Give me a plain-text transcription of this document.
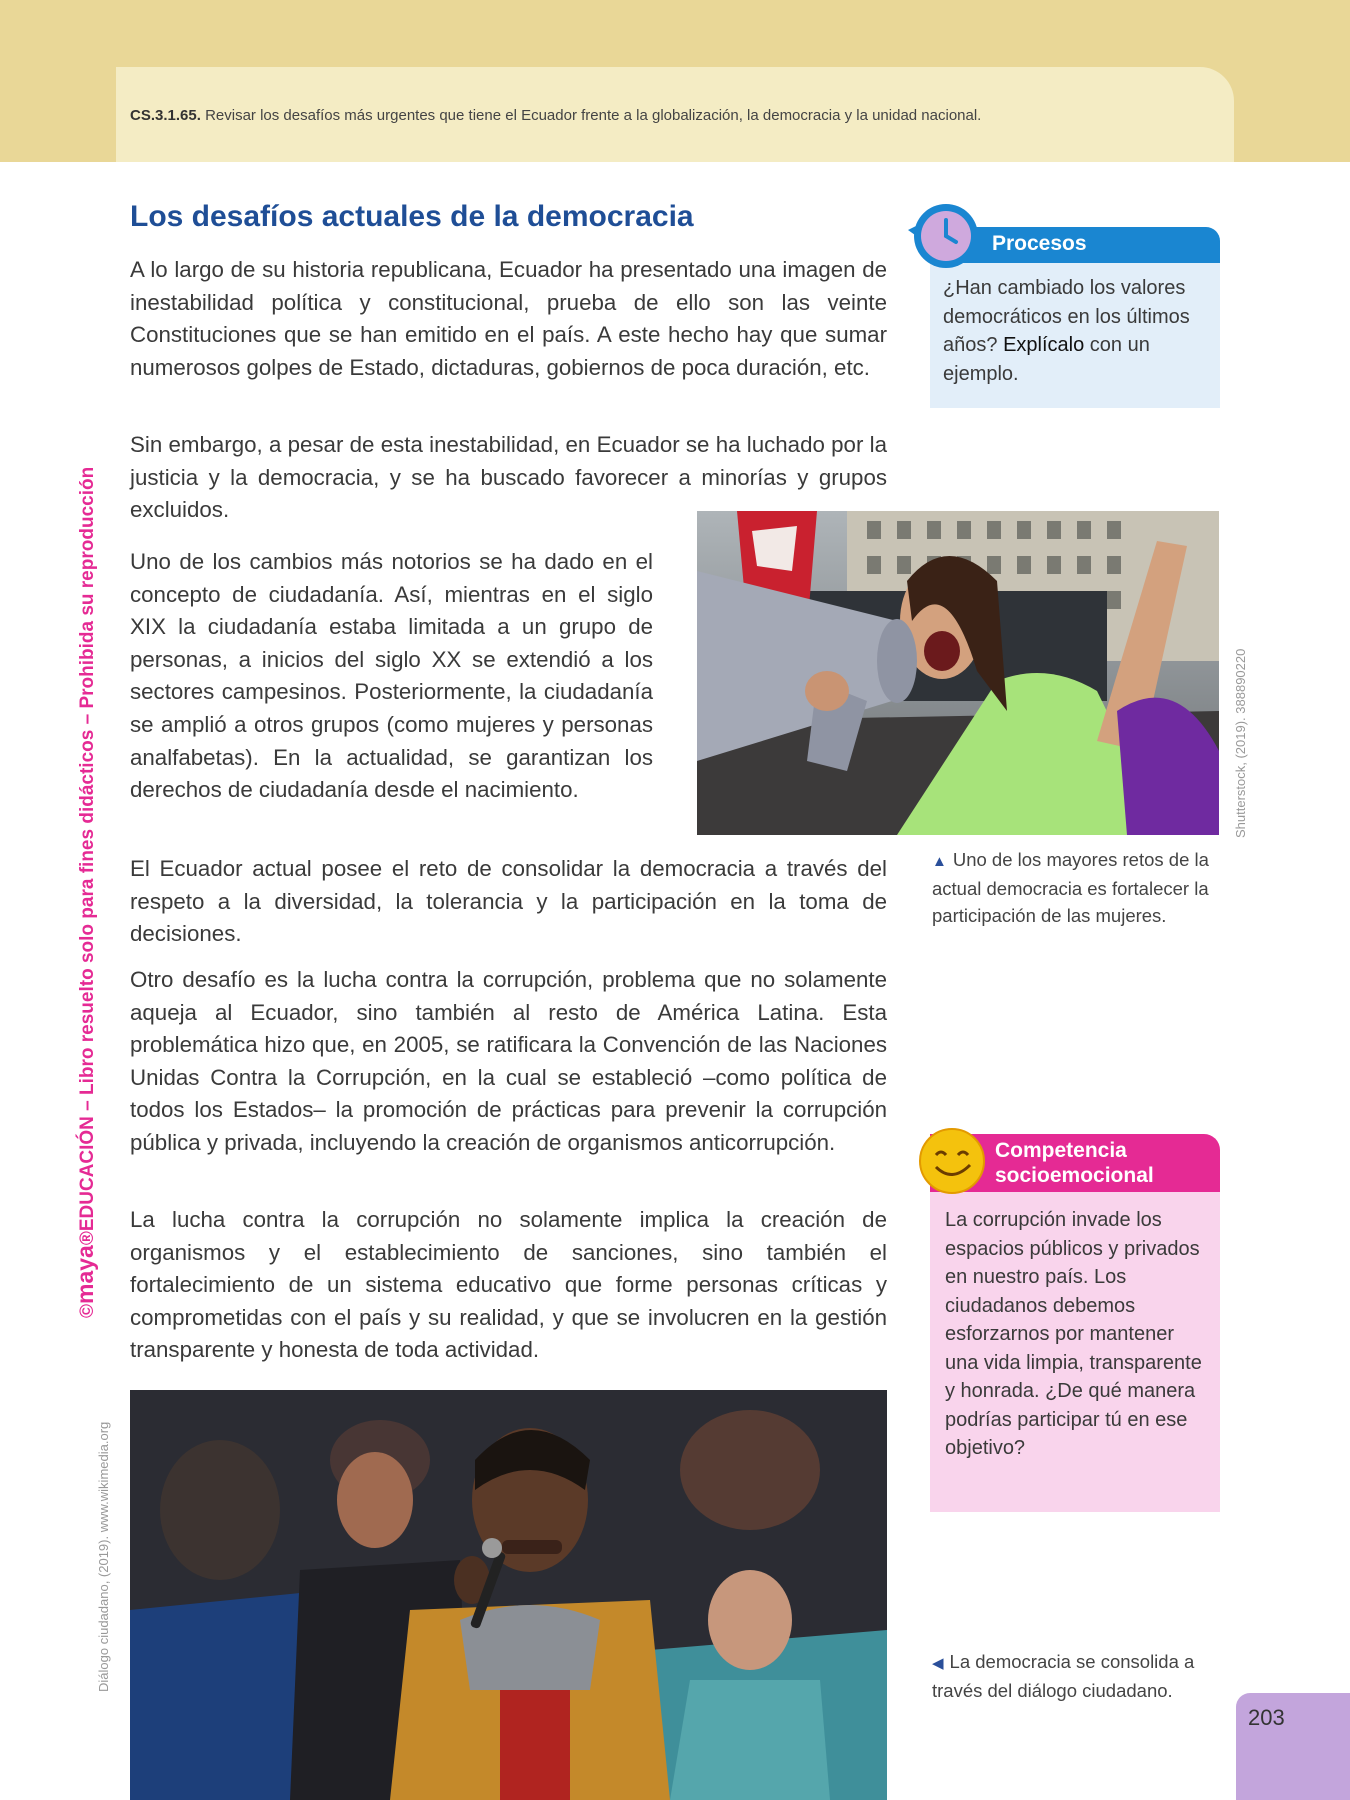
CS.3.1.65. Revisar los desafíos más urgentes que tiene el Ecuador frente a la globalización, la democracia y la unidad nacional.
Los desafíos actuales de la democracia

A lo largo de su historia republicana, Ecuador ha presentado una imagen de inestabilidad política y constitucional, prueba de ello son las veinte Constituciones que se han emitido en el país. A este hecho hay que sumar numerosos golpes de Estado, dictaduras, gobiernos de poca duración, etc.

Sin embargo, a pesar de esta inestabilidad, en Ecuador se ha luchado por la justicia y la democracia, y se ha buscado favorecer a minorías y grupos excluidos.

Uno de los cambios más notorios se ha dado en el concepto de ciudadanía. Así, mientras en el siglo XIX la ciudadanía estaba limitada a un grupo de personas, a inicios del siglo XX se extendió a los sectores campesinos. Posteriormente, la ciudadanía se amplió a otros grupos (como mujeres y personas analfabetas). En la actualidad, se garantizan los derechos de ciudadanía desde el nacimiento.

El Ecuador actual posee el reto de consolidar la democracia a través del respeto a la diversidad, la tolerancia y la participación en la toma de decisiones.

Otro desafío es la lucha contra la corrupción, problema que no solamente aqueja al Ecuador, sino también al resto de América Latina. Esta problemática hizo que, en 2005, se ratificara la Convención de las Naciones Unidas Contra la Corrupción, en la cual se estableció –como política de todos los Estados– la promoción de prácticas para prevenir la corrupción pública y privada, incluyendo la creación de organismos anticorrupción.

La lucha contra la corrupción no solamente implica la creación de organismos y el establecimiento de sanciones, sino también el fortalecimiento de un sistema educativo que forme personas críticas y comprometidas con el país y su realidad, y que se involucren en la gestión transparente y honesta de toda actividad.

Procesos
¿Han cambiado los valores democráticos en los últimos años? Explícalo con un ejemplo.
Shutterstock, (2019). 388890220
▲ Uno de los mayores retos de la actual democracia es fortalecer la participación de las mujeres.
Competencia
socioemocional
La corrupción invade los espacios públicos y privados en nuestro país. Los ciudadanos debemos esforzarnos por mantener una vida limpia, transparente y honrada. ¿De qué manera podrías participar tú en ese objetivo?
Diálogo ciudadano, (2019). www.wikimedia.org	◀ La democracia se consolida a través del diálogo ciudadano.
©maya®EDUCACIÓN – Libro resuelto solo para fines didácticos – Prohibida su reproducción
203
